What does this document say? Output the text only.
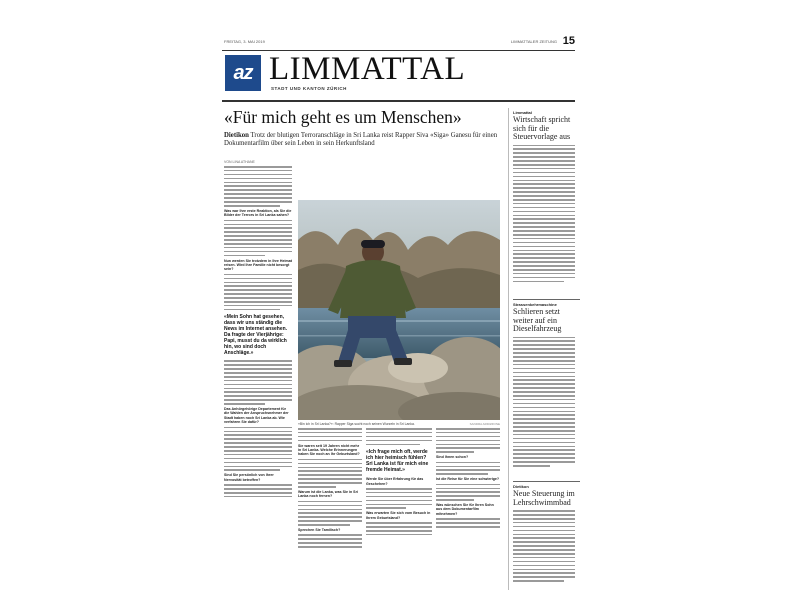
FREITAG, 3. MAI 2019	LIMMATTALER ZEITUNG 15
az LIMMATTAL
STADT UND KANTON ZÜRICH
«Für mich geht es um Menschen»
Dietikon Trotz der blutigen Terroranschläge in Sri Lanka reist Rapper Siva «Siga» Ganesu für einen Dokumentarfilm über sein Leben in sein Herkunftsland
VON LINA ATHANE
Was war Ihre erste Reaktion, als Sie die Bilder der Terrors in Sri Lanka sahen?
Nun werden Sie trotzdem in Ihre Heimat reisen. Wird Ihre Familie nicht besorgt sein?
«Mein Sohn hat gesehen, dass wir uns ständig die News im Internet ansehen. Da fragte der Vierjährige: Papi, musst du da wirklich hin, wo sind doch Anschläge.»
Das Anhörgehörige Departement für die Wahlen der Anspruchsnehmer der Stadt haben noch Sri Lanka ab. Wie verfahren Sie dafür?
Sind Sie persönlich von Ihrer Nervosität betroffen?
«Bin ich in Sri Lanka?»: Rapper Siga sucht noch seinen Wurzeln in Sri Lanka.	SANDRA ARDIZZONE
Sie waren seit 19 Jahren nicht mehr in Sri Lanka. Welche Erinnerungen haben Sie noch an Ihr Geburtsland?
Warum ist die Lanka, was Sie in Sri Lanka noch fernen?
Sprechen Sie Tamilisch?
«Ich frage mich oft, werde ich hier heimisch fühlen? Sri Lanka ist für mich eine fremde Heimat.»
Werde Sie über Erfahrung für das Geschehen?
Was erwarten Sie sich vom Besuch in Ihrem Geburtsland?
Sind Ihnen schon?
Ist die Reise für Sie eine schwierige?
Was wünschen Sie für Ihren Sohn aus dem Dokumentarfilm mitnehmen?
Limmattal
Wirtschaft spricht sich für die Steuervorlage aus
Strassenkehrmaschine
Schlieren setzt weiter auf ein Dieselfahrzeug
Dietikon
Neue Steuerung im Lehrschwimmbad
